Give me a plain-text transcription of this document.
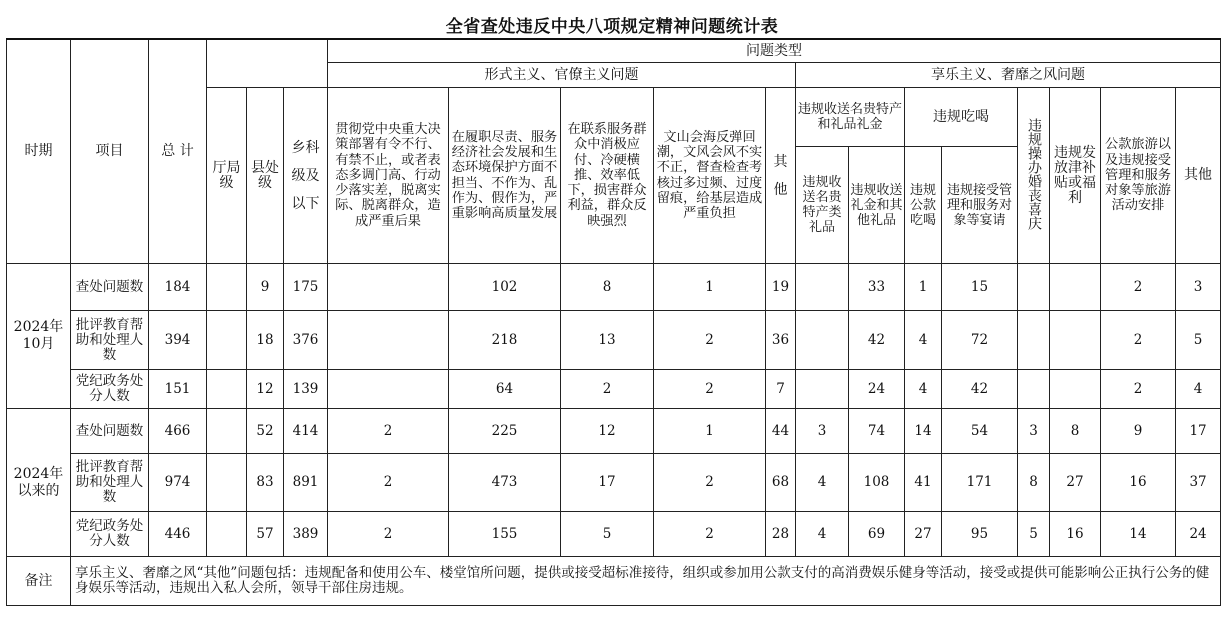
全省查处违反中央八项规定精神问题统计表
时期	项目	总 计				问题类型												
						形式主义、官僚主义问题					享乐主义、奢靡之风问题							
			厅局级	县处级	乡科级及以下	贯彻党中央重大决策部署有令不行、有禁不止，或者表态多调门高、行动少落实差，脱离实际、脱离群众，造成严重后果	在履职尽责、服务经济社会发展和生态环境保护方面不担当、不作为、乱作为、假作为，严重影响高质量发展	在联系服务群众中消极应付、冷硬横推、效率低下，损害群众利益，群众反映强烈	文山会海反弹回潮，文风会风不实不正，督查检查考核过多过频、过度留痕，给基层造成严重负担	其他	违规收送名贵特产和礼品礼金		违规吃喝		违规操办婚丧喜庆	违规发放津补贴或福利	公款旅游以及违规接受管理和服务对象等旅游活动安排	其他
											违规收送名贵特产类礼品	违规收送礼金和其他礼品	违规公款吃喝	违规接受管理和服务对象等宴请				
2024年10月	查处问题数	184		9	175		102	8	1	19		33	1	15			2	3
	批评教育帮助和处理人数	394		18	376		218	13	2	36		42	4	72			2	5
	党纪政务处分人数	151		12	139		64	2	2	7		24	4	42			2	4
2024年以来的	查处问题数	466		52	414	2	225	12	1	44	3	74	14	54	3	8	9	17
	批评教育帮助和处理人数	974		83	891	2	473	17	2	68	4	108	41	171	8	27	16	37
	党纪政务处分人数	446		57	389	2	155	5	2	28	4	69	27	95	5	16	14	24
备注	享乐主义、奢靡之风“其他”问题包括：违规配备和使用公车、楼堂馆所问题，提供或接受超标准接待，组织或参加用公款支付的高消费娱乐健身等活动，接受或提供可能影响公正执行公务的健身娱乐等活动，违规出入私人会所，领导干部住房违规。																	
